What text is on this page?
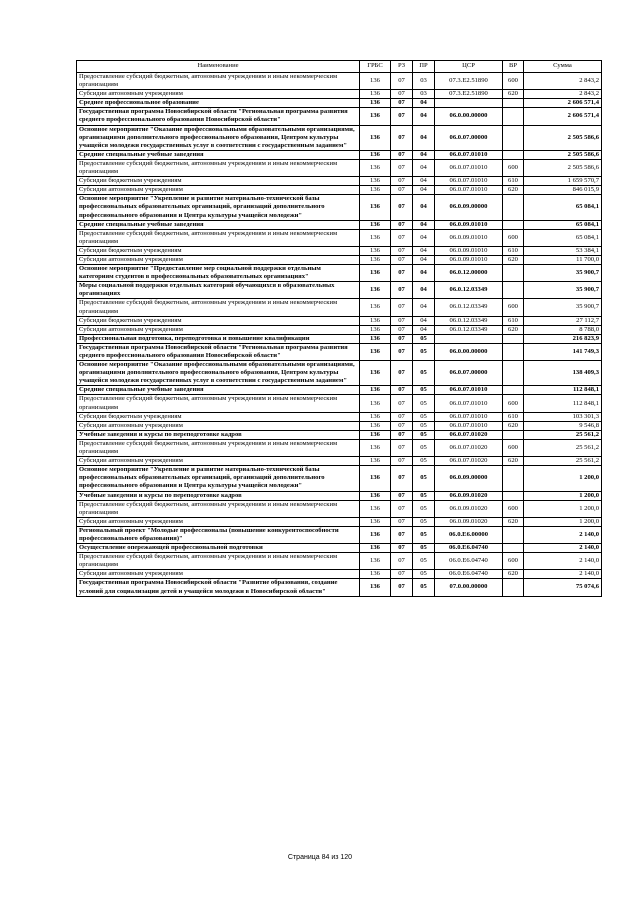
Наименование	ГРБС	РЗ	ПР	ЦСР	ВР	Сумма
Предоставление субсидий бюджетным, автономным учреждениям и иным некоммерческим организациям	136	07	03	07.3.E2.51890	600	2 843,2
Субсидии автономным учреждениям	136	07	03	07.3.E2.51890	620	2 843,2
Среднее профессиональное образование	136	07	04			2 606 571,4
Государственная программа Новосибирской области "Региональная программа развития среднего профессионального образования Новосибирской области"	136	07	04	06.0.00.00000		2 606 571,4
Основное мероприятие "Оказание профессиональными образовательными организациями, организациями дополнительного профессионального образования, Центром культуры учащейся молодежи государственных услуг в соответствии с государственным заданием"	136	07	04	06.0.07.00000		2 505 586,6
Средние специальные учебные заведения	136	07	04	06.0.07.01010		2 505 586,6
Предоставление субсидий бюджетным, автономным учреждениям и иным некоммерческим организациям	136	07	04	06.0.07.01010	600	2 505 586,6
Субсидии бюджетным учреждениям	136	07	04	06.0.07.01010	610	1 659 570,7
Субсидии автономным учреждениям	136	07	04	06.0.07.01010	620	846 015,9
Основное мероприятие "Укрепление и развитие материально-технической базы профессиональных образовательных организаций, организаций дополнительного профессионального образования и Центра культуры учащейся молодежи"	136	07	04	06.0.09.00000		65 084,1
Средние специальные учебные заведения	136	07	04	06.0.09.01010		65 084,1
Предоставление субсидий бюджетным, автономным учреждениям и иным некоммерческим организациям	136	07	04	06.0.09.01010	600	65 084,1
Субсидии бюджетным учреждениям	136	07	04	06.0.09.01010	610	53 384,1
Субсидии автономным учреждениям	136	07	04	06.0.09.01010	620	11 700,0
Основное мероприятие "Предоставление мер социальной поддержки отдельным категориям студентов в профессиональных образовательных организациях"	136	07	04	06.0.12.00000		35 900,7
Меры социальной поддержки отдельных категорий обучающихся в образовательных организациях	136	07	04	06.0.12.03349		35 900,7
Предоставление субсидий бюджетным, автономным учреждениям и иным некоммерческим организациям	136	07	04	06.0.12.03349	600	35 900,7
Субсидии бюджетным учреждениям	136	07	04	06.0.12.03349	610	27 112,7
Субсидии автономным учреждениям	136	07	04	06.0.12.03349	620	8 788,0
Профессиональная подготовка, переподготовка и повышение квалификации	136	07	05			216 823,9
Государственная программа Новосибирской области "Региональная программа развития среднего профессионального образования Новосибирской области"	136	07	05	06.0.00.00000		141 749,3
Основное мероприятие "Оказание профессиональными образовательными организациями, организациями дополнительного профессионального образования, Центром культуры учащейся молодежи государственных услуг в соответствии с государственным заданием"	136	07	05	06.0.07.00000		138 409,3
Средние специальные учебные заведения	136	07	05	06.0.07.01010		112 848,1
Предоставление субсидий бюджетным, автономным учреждениям и иным некоммерческим организациям	136	07	05	06.0.07.01010	600	112 848,1
Субсидии бюджетным учреждениям	136	07	05	06.0.07.01010	610	103 301,3
Субсидии автономным учреждениям	136	07	05	06.0.07.01010	620	9 546,8
Учебные заведения и курсы по переподготовке кадров	136	07	05	06.0.07.01020		25 561,2
Предоставление субсидий бюджетным, автономным учреждениям и иным некоммерческим организациям	136	07	05	06.0.07.01020	600	25 561,2
Субсидии автономным учреждениям	136	07	05	06.0.07.01020	620	25 561,2
Основное мероприятие "Укрепление и развитие материально-технической базы профессиональных образовательных организаций, организаций дополнительного профессионального образования и Центра культуры учащейся молодежи"	136	07	05	06.0.09.00000		1 200,0
Учебные заведения и курсы по переподготовке кадров	136	07	05	06.0.09.01020		1 200,0
Предоставление субсидий бюджетным, автономным учреждениям и иным некоммерческим организациям	136	07	05	06.0.09.01020	600	1 200,0
Субсидии автономным учреждениям	136	07	05	06.0.09.01020	620	1 200,0
Региональный проект "Молодые профессионалы (повышение конкурентоспособности профессионального образования)"	136	07	05	06.0.E6.00000		2 140,0
Осуществление опережающей профессиональной подготовки	136	07	05	06.0.E6.04740		2 140,0
Предоставление субсидий бюджетным, автономным учреждениям и иным некоммерческим организациям	136	07	05	06.0.E6.04740	600	2 140,0
Субсидии автономным учреждениям	136	07	05	06.0.E6.04740	620	2 140,0
Государственная программа Новосибирской области "Развитие образования, создание условий для социализации детей и учащейся молодежи в Новосибирской области"	136	07	05	07.0.00.00000		75 074,6
Страница 84 из 120
